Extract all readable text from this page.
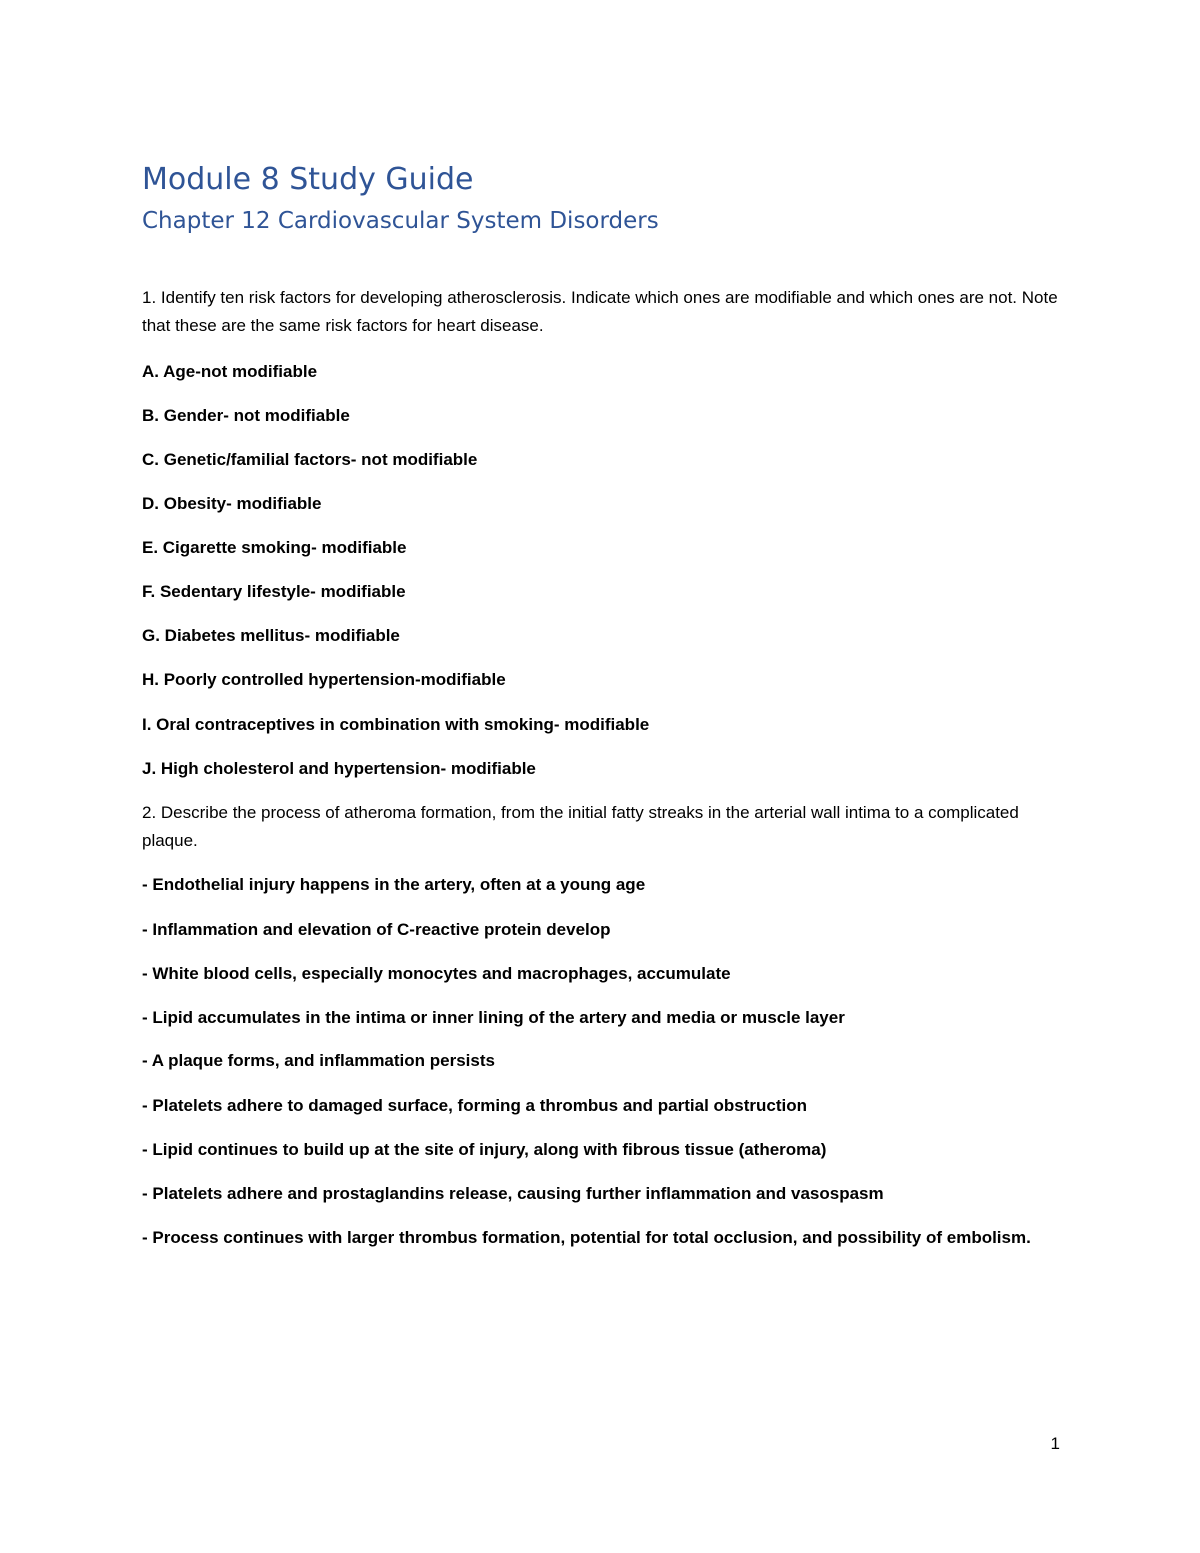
Module 8 Study Guide
Chapter 12 Cardiovascular System Disorders

1. Identify ten risk factors for developing atherosclerosis. Indicate which ones are modifiable and which ones are not. Note that these are the same risk factors for heart disease.

A. Age-not modifiable

B. Gender- not modifiable

C. Genetic/familial factors- not modifiable

D. Obesity- modifiable

E. Cigarette smoking- modifiable

F. Sedentary lifestyle- modifiable

G. Diabetes mellitus- modifiable

H. Poorly controlled hypertension-modifiable

I. Oral contraceptives in combination with smoking- modifiable

J. High cholesterol and hypertension- modifiable

2. Describe the process of atheroma formation, from the initial fatty streaks in the arterial wall intima to a complicated plaque.

- Endothelial injury happens in the artery, often at a young age

- Inflammation and elevation of C-reactive protein develop

- White blood cells, especially monocytes and macrophages, accumulate

- Lipid accumulates in the intima or inner lining of the artery and media or muscle layer

- A plaque forms, and inflammation persists

- Platelets adhere to damaged surface, forming a thrombus and partial obstruction

- Lipid continues to build up at the site of injury, along with fibrous tissue (atheroma)

- Platelets adhere and prostaglandins release, causing further inflammation and vasospasm

- Process continues with larger thrombus formation, potential for total occlusion, and possibility of embolism.

1
